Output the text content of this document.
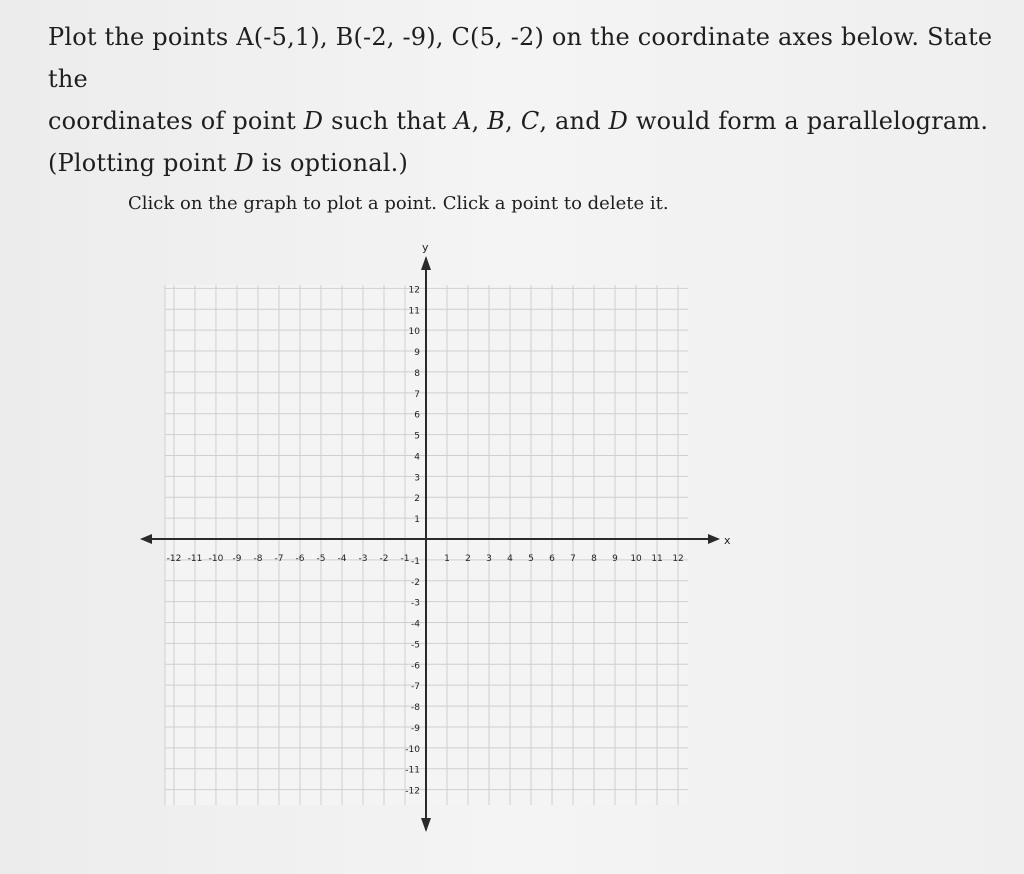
Plot the points A(-5,1), B(-2, -9), C(5, -2) on the coordinate axes below. State the
coordinates of point D such that A, B, C, and D would form a parallelogram.
(Plotting point D is optional.)
Click on the graph to plot a point. Click a point to delete it.
x
y
-12 -11 -10 -9 -8 -7 -6 -5 -4 -3 -2 -1	1 2 3 4 5 6 7 8 9 10 11 12
12
11
10
9
8
7
6
5
4
3
2
1
-1
-2
-3
-4
-5
-6
-7
-8
-9
-10
-11
-12
